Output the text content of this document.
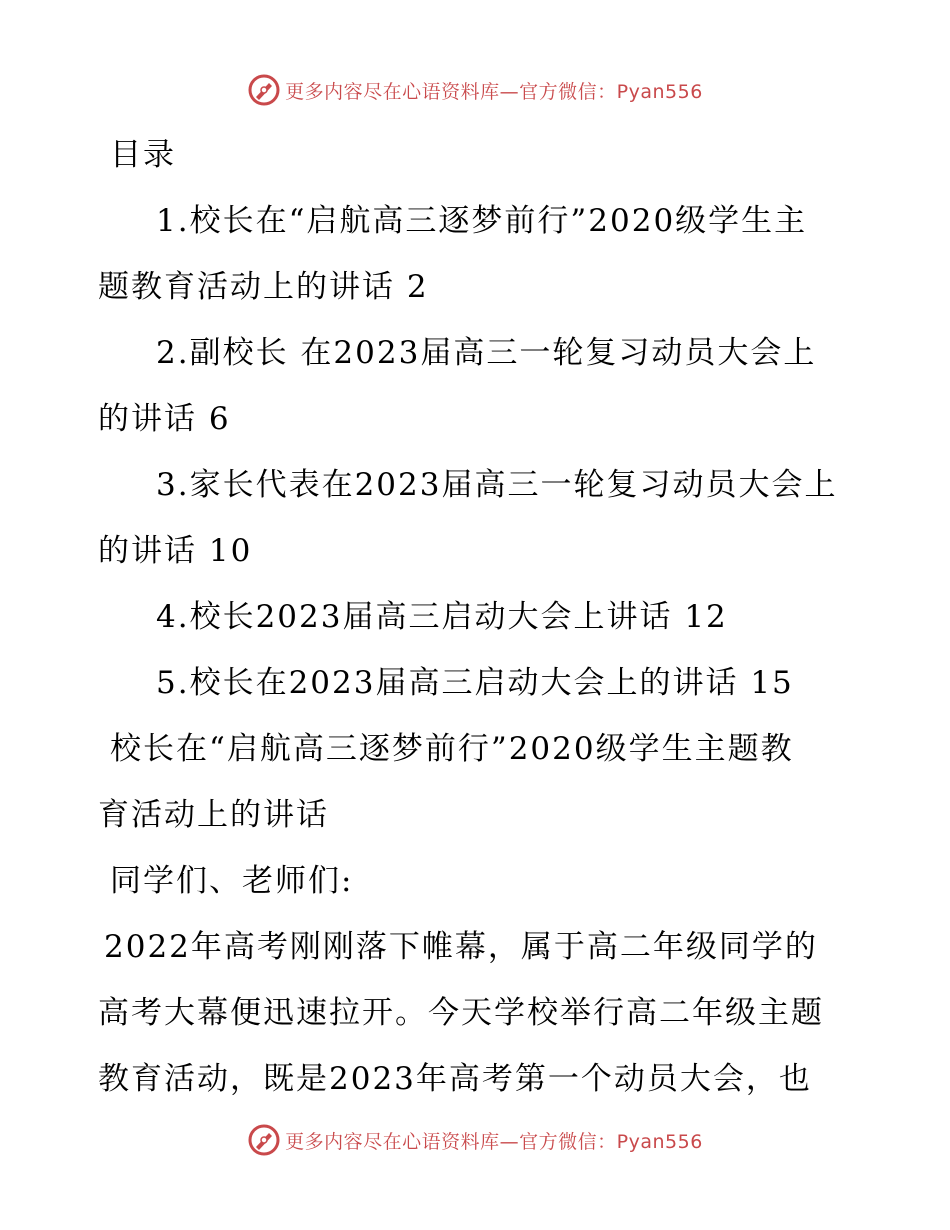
更多内容尽在心语资料库—官方微信：Pyan556
目录
1.校长在“启航高三逐梦前行”2020级学生主
题教育活动上的讲话 2
2.副校长 在2023届高三一轮复习动员大会上
的讲话 6
3.家长代表在2023届高三一轮复习动员大会上
的讲话 10
4.校长2023届高三启动大会上讲话 12
5.校长在2023届高三启动大会上的讲话 15
校长在“启航高三逐梦前行”2020级学生主题教
育活动上的讲话
同学们、老师们:
2022年高考刚刚落下帷幕，属于高二年级同学的
高考大幕便迅速拉开。今天学校举行高二年级主题
教育活动，既是2023年高考第一个动员大会，也
更多内容尽在心语资料库—官方微信：Pyan556
